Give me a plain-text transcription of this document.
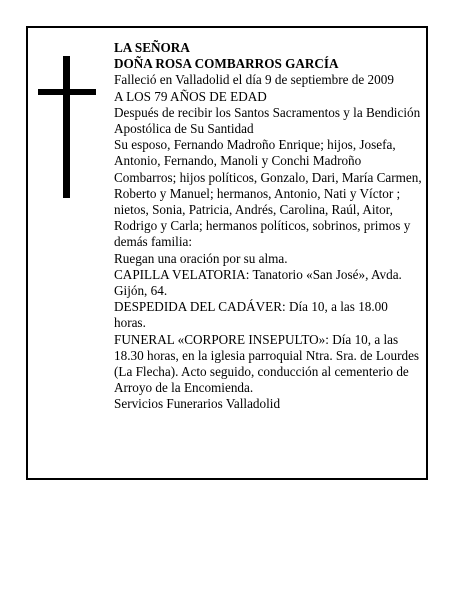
LA SEÑORA

DOÑA ROSA COMBARROS GARCÍA

Falleció en Valladolid el día 9 de septiembre de 2009

A LOS 79 AÑOS DE EDAD

Después de recibir los Santos Sacramentos y la Bendición Apostólica de Su Santidad

Su esposo, Fernando Madroño Enrique; hijos, Josefa, Antonio, Fernando, Manoli y Conchi Madroño Combarros; hijos políticos, Gonzalo, Dari, María Carmen, Roberto y Manuel; hermanos, Antonio, Nati y Víctor ; nietos, Sonia, Patricia, Andrés, Carolina, Raúl, Aitor, Rodrigo y Carla; hermanos políticos, sobrinos, primos y demás familia:

Ruegan una oración por su alma.

CAPILLA VELATORIA: Tanatorio «San José», Avda. Gijón, 64.

DESPEDIDA DEL CADÁVER: Día 10, a las 18.00 horas.

FUNERAL «CORPORE INSEPULTO»: Día 10, a las 18.30 horas, en la iglesia parroquial Ntra. Sra. de Lourdes (La Flecha). Acto seguido, conducción al cementerio de Arroyo de la Encomienda.

Servicios Funerarios Valladolid
